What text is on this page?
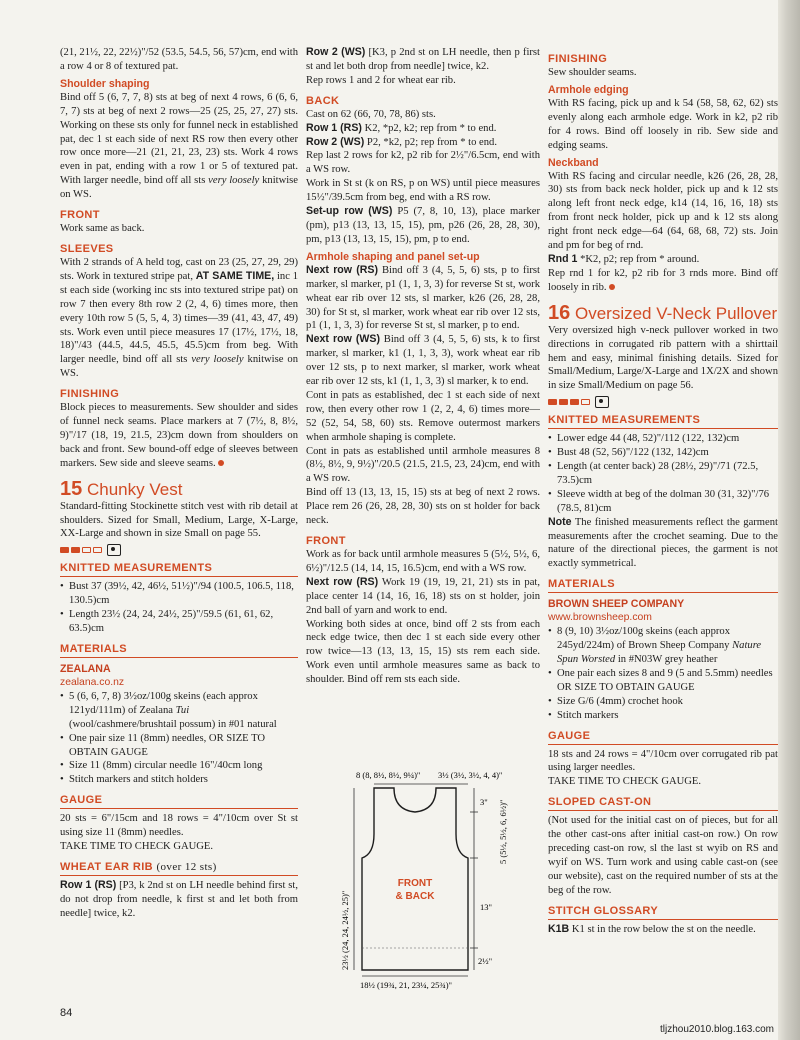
(21, 21½, 22, 22½)"/52 (53.5, 54.5, 56, 57)cm, end with a row 4 or 8 of textured pat.

Shoulder shaping

Bind off 5 (6, 7, 7, 8) sts at beg of next 4 rows, 6 (6, 6, 7, 7) sts at beg of next 2 rows—25 (25, 25, 27, 27) sts. Working on these sts only for funnel neck in established pat, dec 1 st each side of next RS row then every other row once more—21 (21, 21, 23, 23) sts. Work 4 rows even in pat, ending with a row 1 or 5 of textured pat. With larger needle, bind off all sts very loosely knitwise on WS.

FRONT

Work same as back.

SLEEVES

With 2 strands of A held tog, cast on 23 (25, 27, 29, 29) sts. Work in textured stripe pat, AT SAME TIME, inc 1 st each side (working inc sts into textured stripe pat) on row 7 then every 8th row 2 (2, 4, 6) times more, then every 10th row 5 (5, 5, 4, 3) times—39 (41, 43, 47, 49) sts. Work even until piece measures 17 (17½, 17½, 18, 18)"/43 (44.5, 44.5, 45.5, 45.5)cm from beg. With larger needle, bind off all sts very loosely knitwise on WS.

FINISHING

Block pieces to measurements. Sew shoulder and sides of funnel neck seams. Place markers at 7 (7½, 8, 8½, 9)"/17 (18, 19, 21.5, 23)cm down from shoulders on back and front. Sew bound-off edge of sleeves between markers. Sew side and sleeve seams.

15 Chunky Vest

Standard-fitting Stockinette stitch vest with rib detail at shoulders. Sized for Small, Medium, Large, X-Large, XX-Large and shown in size Small on page 55.

KNITTED MEASUREMENTS
• Bust 37 (39½, 42, 46½, 51½)"/94 (100.5, 106.5, 118, 130.5)cm
• Length 23½ (24, 24, 24½, 25)"/59.5 (61, 61, 62, 63.5)cm
MATERIALS
ZEALANA
zealana.co.nz
• 5 (6, 6, 7, 8) 3½oz/100g skeins (each approx 121yd/111m) of Zealana Tui (wool/cashmere/brushtail possum) in #01 natural
• One pair size 11 (8mm) needles, OR SIZE TO OBTAIN GAUGE
• Size 11 (8mm) circular needle 16"/40cm long
• Stitch markers and stitch holders
GAUGE

20 sts = 6"/15cm and 18 rows = 4"/10cm over St st using size 11 (8mm) needles.

TAKE TIME TO CHECK GAUGE.

WHEAT EAR RIB (over 12 sts)

Row 1 (RS) [P3, k 2nd st on LH needle behind first st, do not drop from needle, k first st and let both from needle] twice, k2.

Row 2 (WS) [K3, p 2nd st on LH needle, then p first st and let both drop from needle] twice, k2.

Rep rows 1 and 2 for wheat ear rib.

BACK

Cast on 62 (66, 70, 78, 86) sts.

Row 1 (RS) K2, *p2, k2; rep from * to end.

Row 2 (WS) P2, *k2, p2; rep from * to end.

Rep last 2 rows for k2, p2 rib for 2½"/6.5cm, end with a WS row.

Work in St st (k on RS, p on WS) until piece measures 15½"/39.5cm from beg, end with a RS row.

Set-up row (WS) P5 (7, 8, 10, 13), place marker (pm), p13 (13, 13, 15, 15), pm, p26 (26, 28, 28, 30), pm, p13 (13, 13, 15, 15), pm, p to end.

Armhole shaping and panel set-up

Next row (RS) Bind off 3 (4, 5, 5, 6) sts, p to first marker, sl marker, p1 (1, 1, 3, 3) for reverse St st, work wheat ear rib over 12 sts, sl marker, k26 (26, 28, 28, 30) for St st, sl marker, work wheat ear rib over 12 sts, p1 (1, 1, 3, 3) for reverse St st, sl marker, p to end.

Next row (WS) Bind off 3 (4, 5, 5, 6) sts, k to first marker, sl marker, k1 (1, 1, 3, 3), work wheat ear rib over 12 sts, p to next marker, sl marker, work wheat ear rib over 12 sts, k1 (1, 1, 3, 3) sl marker, k to end.

Cont in pats as established, dec 1 st each side of next row, then every other row 1 (2, 2, 4, 6) times more—52 (52, 54, 58, 60) sts. Remove outermost markers when armhole shaping is complete.

Cont in pats as established until armhole measures 8 (8½, 8½, 9, 9½)"/20.5 (21.5, 21.5, 23, 24)cm, end with a WS row.

Bind off 13 (13, 13, 15, 15) sts at beg of next 2 rows. Place rem 26 (26, 28, 28, 30) sts on st holder for back neck.

FRONT

Work as for back until armhole measures 5 (5½, 5½, 6, 6½)"/12.5 (14, 14, 15, 16.5)cm, end with a WS row.

Next row (RS) Work 19 (19, 19, 21, 21) sts in pat, place center 14 (14, 16, 16, 18) sts on st holder, join 2nd ball of yarn and work to end.

Working both sides at once, bind off 2 sts from each neck edge twice, then dec 1 st each side every other row twice—13 (13, 13, 15, 15) sts rem each side. Work even until armhole measures same as back to shoulder. Bind off rem sts each side.

8 (8, 8½, 8½, 9¼)" 3½ (3½, 3½, 4, 4)"
3" 5 (5½, 5½, 6, 6½)"
13"
2½"
23½ (24, 24, 24½, 25)"
18½ (19¾, 21, 23¼, 25¾)"
FRONT
& BACK
FINISHING

Sew shoulder seams.

Armhole edging

With RS facing, pick up and k 54 (58, 58, 62, 62) sts evenly along each armhole edge. Work in k2, p2 rib for 4 rows. Bind off loosely in rib. Sew side and edging seams.

Neckband

With RS facing and circular needle, k26 (26, 28, 28, 30) sts from back neck holder, pick up and k 12 sts along left front neck edge, k14 (14, 16, 16, 18) sts from front neck holder, pick up and k 12 sts along right front neck edge—64 (64, 68, 68, 72) sts. Join and pm for beg of rnd.

Rnd 1 *K2, p2; rep from * around.

Rep rnd 1 for k2, p2 rib for 3 rnds more. Bind off loosely in rib.

16 Oversized V-Neck Pullover

Very oversized high v-neck pullover worked in two directions in corrugated rib pattern with a shirttail hem and easy, minimal finishing details. Sized for Small/Medium, Large/X-Large and 1X/2X and shown in size Small/Medium on page 56.

KNITTED MEASUREMENTS
• Lower edge 44 (48, 52)"/112 (122, 132)cm
• Bust 48 (52, 56)"/122 (132, 142)cm
• Length (at center back) 28 (28½, 29)"/71 (72.5, 73.5)cm
• Sleeve width at beg of the dolman 30 (31, 32)"/76 (78.5, 81)cm

Note The finished measurements reflect the garment measurements after the crochet seaming. Due to the nature of the directional pieces, the garment is not exactly symmetrical.

MATERIALS
BROWN SHEEP COMPANY
www.brownsheep.com
• 8 (9, 10) 3½oz/100g skeins (each approx 245yd/224m) of Brown Sheep Company Nature Spun Worsted in #N03W grey heather
• One pair each sizes 8 and 9 (5 and 5.5mm) needles OR SIZE TO OBTAIN GAUGE
• Size G/6 (4mm) crochet hook
• Stitch markers
GAUGE

18 sts and 24 rows = 4"/10cm over corrugated rib pat using larger needles.

TAKE TIME TO CHECK GAUGE.

SLOPED CAST-ON

(Not used for the initial cast on of pieces, but for all the other cast-ons after initial cast-on row.) On row preceding cast-on row, sl the last st wyib on RS and wyif on WS. Turn work and using cable cast-on (see our website), cast on the required number of sts at the beg of the row.

STITCH GLOSSARY

K1B K1 st in the row below the st on the needle.

84
tljzhou2010.blog.163.com
